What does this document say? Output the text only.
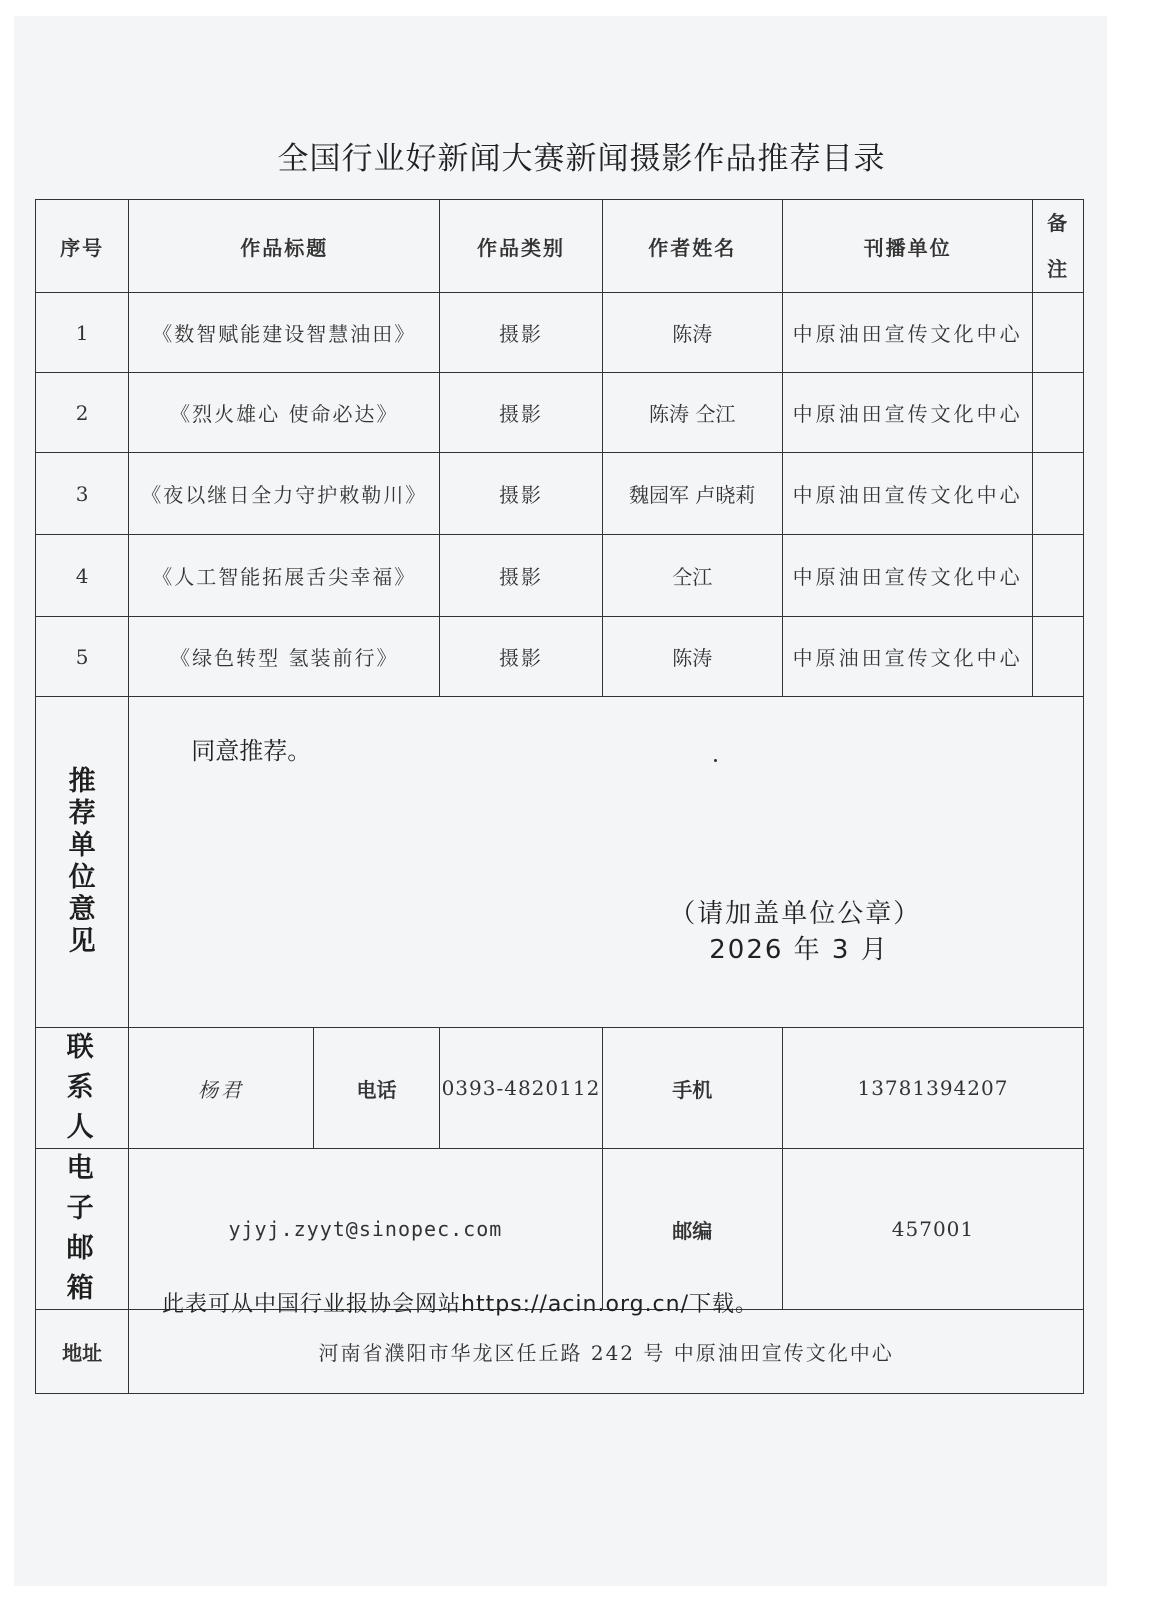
全国行业好新闻大赛新闻摄影作品推荐目录
序号	作品标题		作品类别	作者姓名	刊播单位	备注
1	《数智赋能建设智慧油田》		摄影	陈涛	中原油田宣传文化中心	
2	《烈火雄心 使命必达》		摄影	陈涛 仝江	中原油田宣传文化中心	
3	《夜以继日全力守护敕勒川》		摄影	魏园军 卢晓莉	中原油田宣传文化中心	
4	《人工智能拓展舌尖幸福》		摄影	仝江	中原油田宣传文化中心	
5	《绿色转型 氢装前行》		摄影	陈涛	中原油田宣传文化中心	
推荐单位意见	同意推荐。
（请加盖单位公章）
2026 年 3 月					

联系人	杨君	电话	0393-4820112	手机	13781394207	
电子邮箱	yjyj.zyyt@sinopec.com			邮编	457001	
地址	河南省濮阳市华龙区任丘路 242 号 中原油田宣传文化中心					
此表可从中国行业报协会网站https://acin.org.cn/下载。
